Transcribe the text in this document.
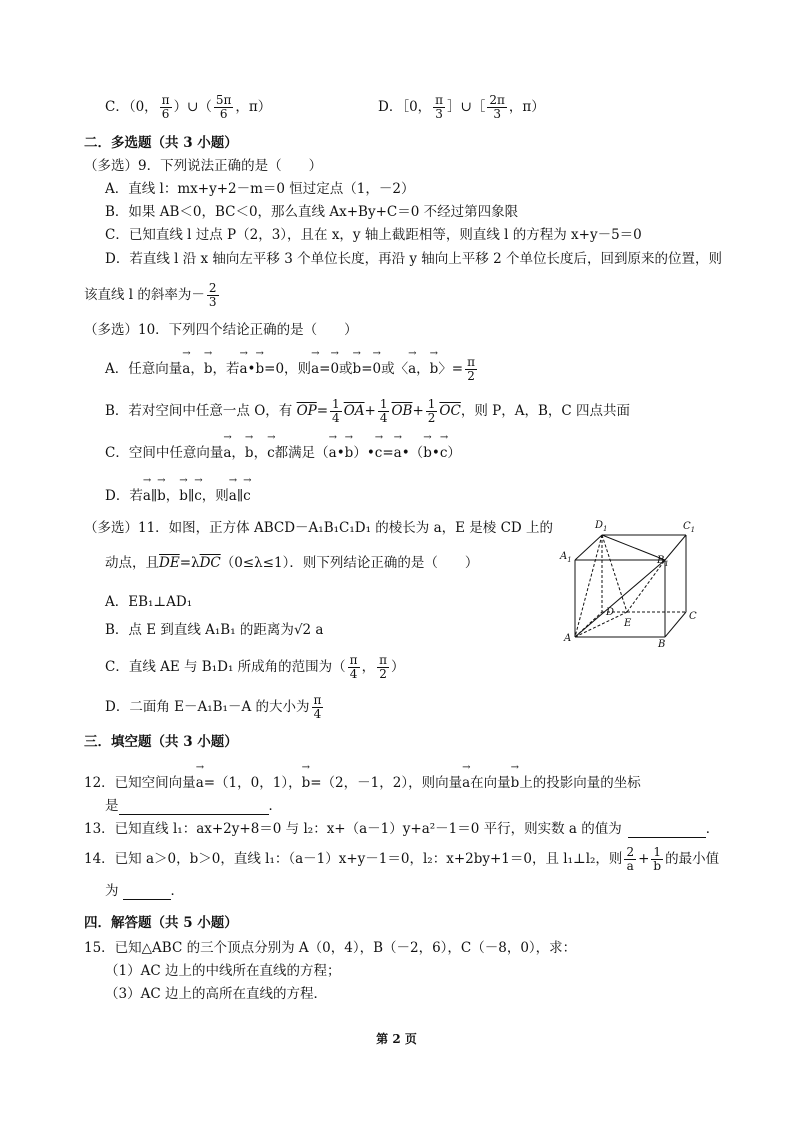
C．（0， $\frac{\pi}{6}$ ）∪（ $\frac{5\pi}{6}$ ，π）	D．［0， $\frac{\pi}{3}$ ］∪［ $\frac{2\pi}{3}$ ，π）
二．多选题（共 3 小题）
（多选）9．下列说法正确的是（　　）
A．直线 l：mx+y+2－m＝0 恒过定点（1，－2）
B．如果 AB＜0，BC＜0，那么直线 Ax+By+C＝0 不经过第四象限
C．已知直线 l 过点 P（2，3），且在 x，y 轴上截距相等，则直线 l 的方程为 x+y－5＝0
D．若直线 l 沿 x 轴向左平移 3 个单位长度，再沿 y 轴向上平移 2 个单位长度后，回到原来的位置，则
该直线 l 的斜率为－ $\frac{2}{3}$
（多选）10．下列四个结论正确的是（　　）
A．任意向量→ a，→ b，若→ a•→ b=0，则→ a=→ 0或→ b=→ 0或〈→ a，→ b〉= $\frac{\pi}{2}$
B．若对空间中任意一点 O，有 $\overline{OP}= \frac{1}{4} \overline{OA}+ \frac{1}{4} \overline{OB}+ \frac{1}{2} \overline{OC}$，则 P，A，B，C 四点共面
C．空间中任意向量→ a，→ b，→ c都满足（→ a•→ b）•→ c=→ a•（→ b•→ c）
D．若→ a∥→ b，→ b∥→ c，则→ a∥→ c
（多选）11．如图，正方体 ABCD－A₁B₁C₁D₁ 的棱长为 a，E 是棱 CD 上的
动点，且$\overline{DE}=\lambda\overline{DC}(0\le\lambda\le 1)$．则下列结论正确的是（　　）
A．EB₁⊥AD₁
B．点 E 到直线 A₁B₁ 的距离为√2 a
C．直线 AE 与 B₁D₁ 所成角的范围为（ $\frac{\pi}{4}$ ， $\frac{\pi}{2}$ ）
D．二面角 E－A₁B₁－A 的大小为 $\frac{\pi}{4}$
$D_1$	$C_1$
$A_1$	$B_1$
D
E
C
A
B
三．填空题（共 3 小题）
12．已知空间向量→ a=（1，0，1），→ b=（2，－1，2），则向量→ a在向量→ b上的投影向量的坐标
是	．
13．已知直线 l₁：ax+2y+8＝0 与 l₂：x+（a－1）y+a²－1＝0 平行，则实数 a 的值为	．
14．已知 a＞0，b＞0，直线 l₁：（a－1）x+y－1＝0，l₂：x+2by+1＝0，且 l₁⊥l₂，则 $\frac{2}{a} + \frac{1}{b}$ 的最小值
为	．
四．解答题（共 5 小题）
15．已知△ABC 的三个顶点分别为 A（0，4），B（－2，6），C（－8，0），求：
（1）AC 边上的中线所在直线的方程；
（3）AC 边上的高所在直线的方程．
第 2 页
